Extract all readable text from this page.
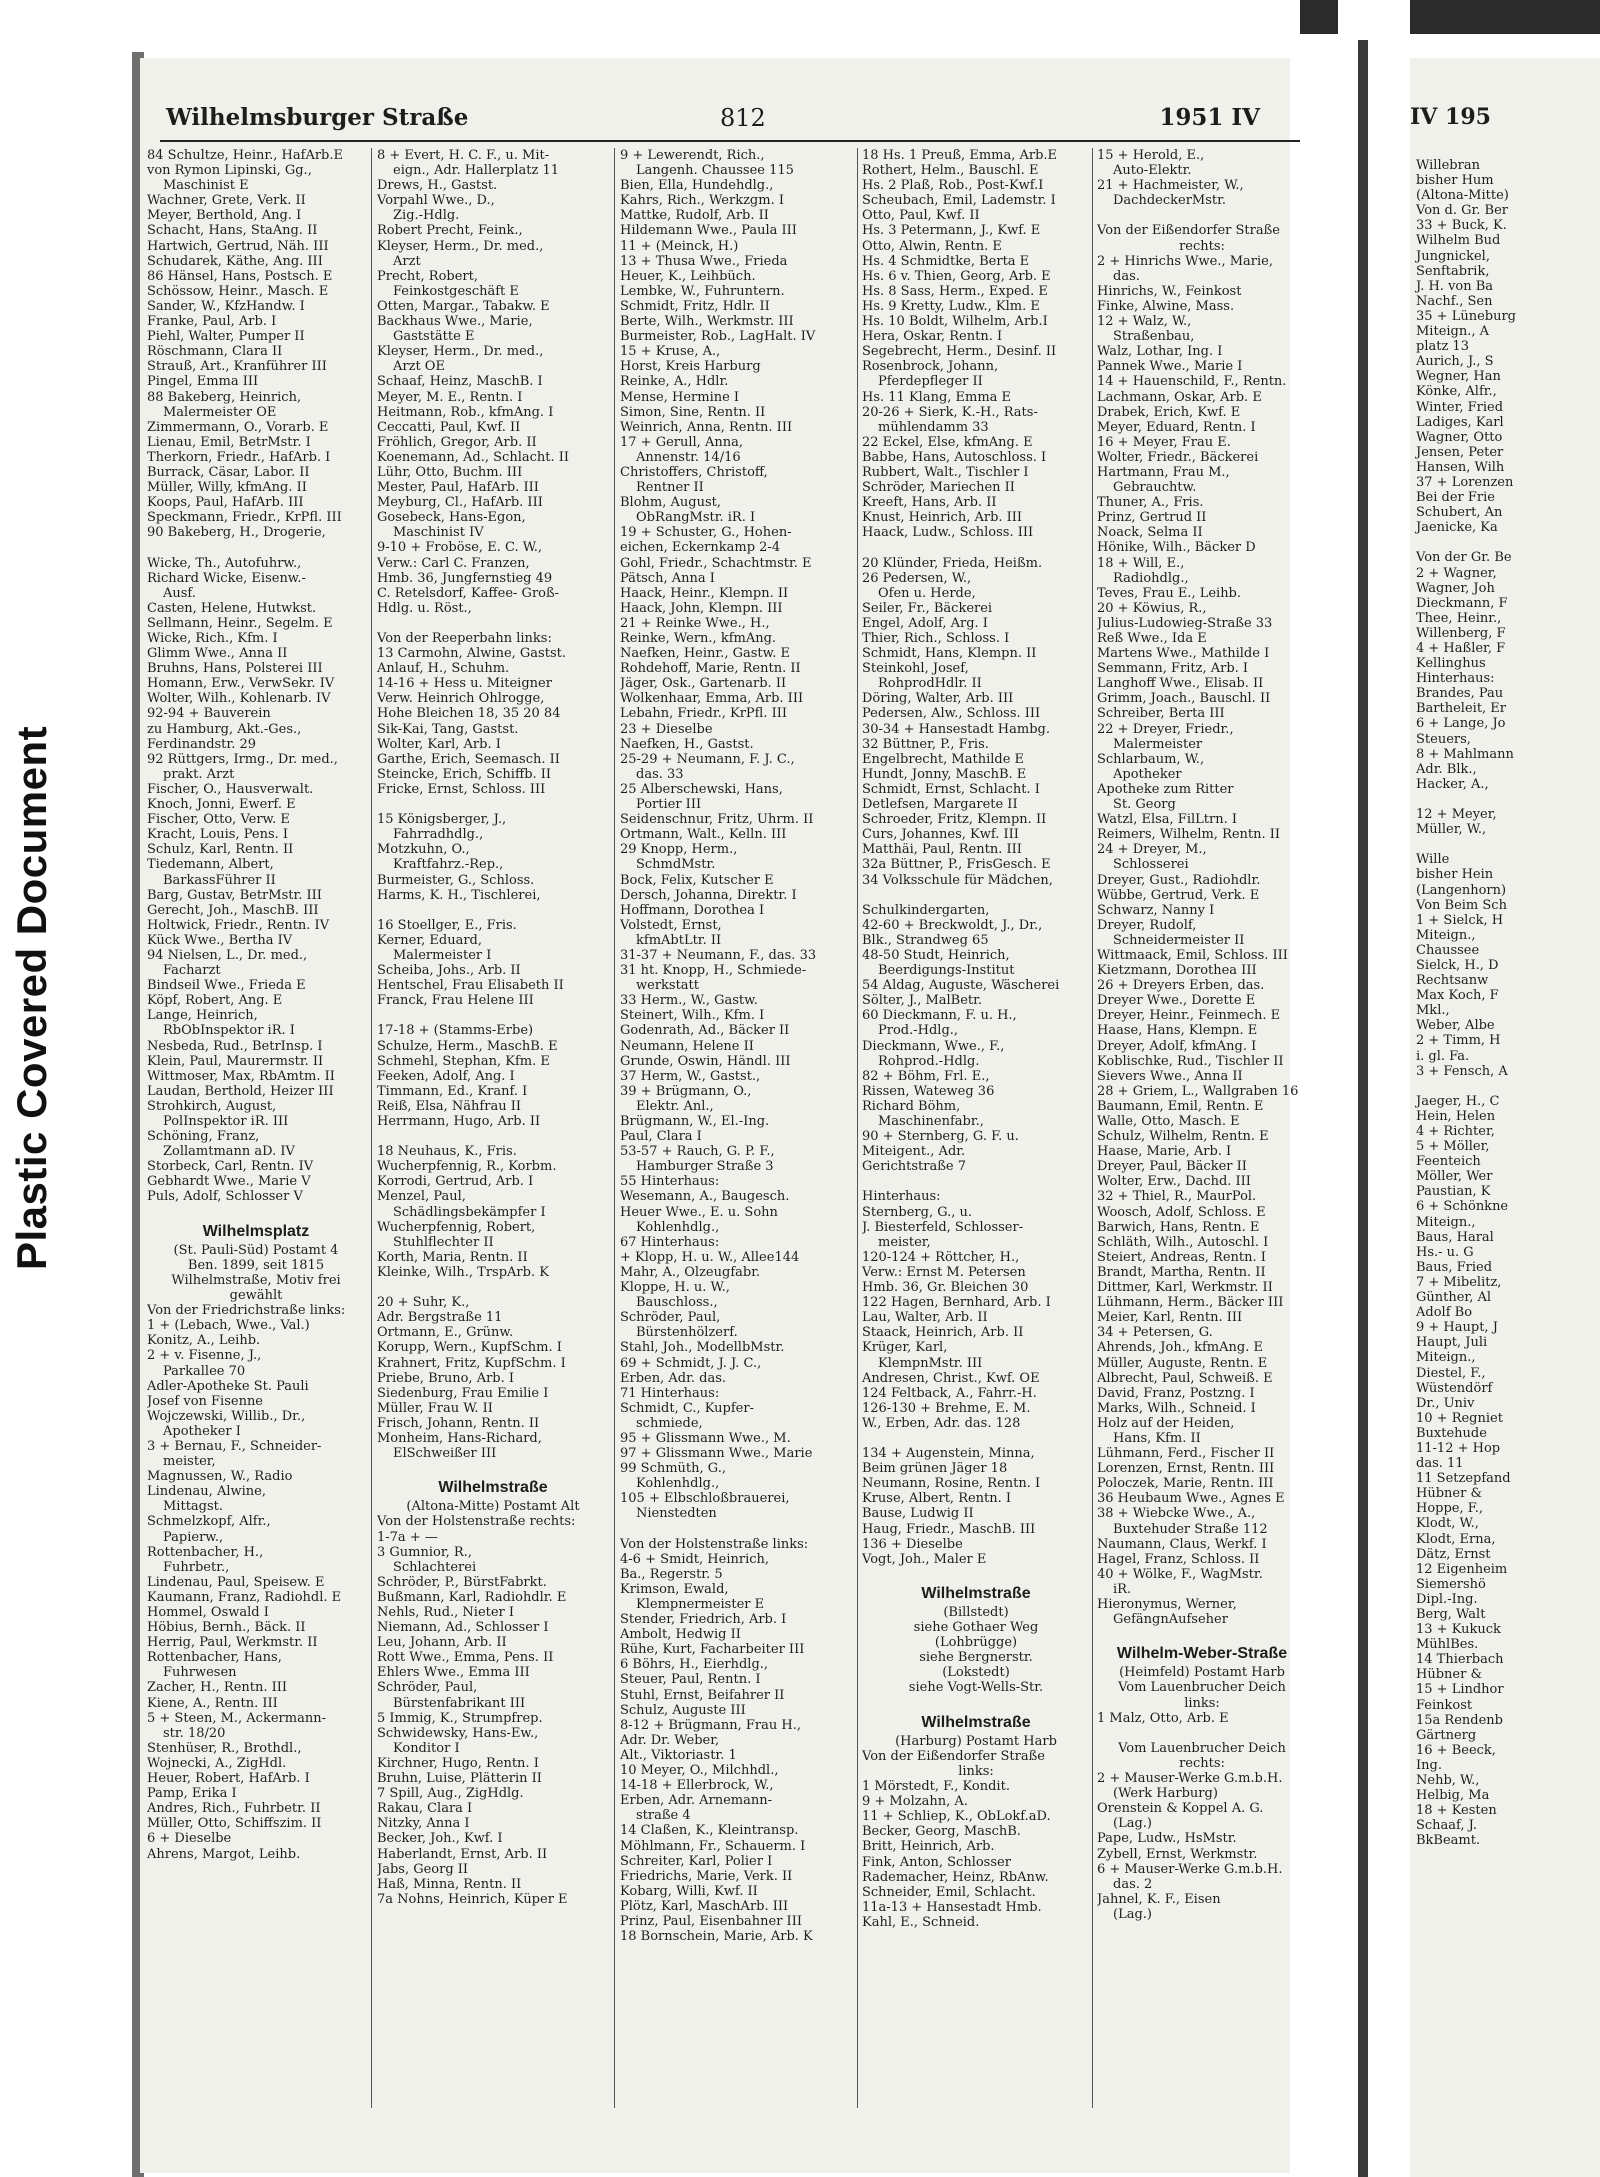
Plastic Covered Document
IV 195
Willebran
bisher Hum
(Altona-Mitte)
Von d. Gr. Ber
33 + Buck, K.
Wilhelm Bud
Jungnickel,
Senftabrik,
J. H. von Ba
Nachf., Sen
35 + Lüneburg
Miteign., A
platz 13
Aurich, J., S
Wegner, Han
Könke, Alfr.,
Winter, Fried
Ladiges, Karl
Wagner, Otto
Jensen, Peter
Hansen, Wilh
37 + Lorenzen
Bei der Frie
Schubert, An
Jaenicke, Ka
Von der Gr. Be
2 + Wagner,
Wagner, Joh
Dieckmann, F
Thee, Heinr.,
Willenberg, F
4 + Haßler, F
Kellinghus
Hinterhaus:
Brandes, Pau
Bartheleit, Er
6 + Lange, Jo
Steuers,
8 + Mahlmann
Adr. Blk.,
Hacker, A.,
12 + Meyer,
Müller, W.,
Wille
bisher Hein
(Langenhorn)
Von Beim Sch
1 + Sielck, H
Miteign.,
Chaussee
Sielck, H., D
Rechtsanw
Max Koch, F
Mkl.,
Weber, Albe
2 + Timm, H
i. gl. Fa.
3 + Fensch, A
Jaeger, H., C
Hein, Helen
4 + Richter,
5 + Möller,
Feenteich
Möller, Wer
Paustian, K
6 + Schönkne
Miteign.,
Baus, Haral
Hs.- u. G
Baus, Fried
7 + Mibelitz,
Günther, Al
Adolf Bo
9 + Haupt, J
Haupt, Juli
Miteign.,
Diestel, F.,
Wüstendörf
Dr., Univ
10 + Regniet
Buxtehude
11-12 + Hop
das. 11
11 Setzepfand
Hübner &
Hoppe, F.,
Klodt, W.,
Klodt, Erna,
Dätz, Ernst
12 Eigenheim
Siemershö
Dipl.-Ing.
Berg, Walt
13 + Kukuck
MühlBes.
14 Thierbach
Hübner &
15 + Lindhor
Feinkost
15a Rendenb
Gärtnerg
16 + Beeck,
Ing.
Nehb, W.,
Helbig, Ma
18 + Kesten
Schaaf, J.
BkBeamt.
Wilhelmsburger Straße	812	1951 IV
84 Schultze, Heinr., HafArb.E
von Rymon Lipinski, Gg.,
Maschinist E
Wachner, Grete, Verk. II
Meyer, Berthold, Ang. I
Schacht, Hans, StaAng. II
Hartwich, Gertrud, Näh. III
Schudarek, Käthe, Ang. III
86 Hänsel, Hans, Postsch. E
Schössow, Heinr., Masch. E
Sander, W., KfzHandw. I
Franke, Paul, Arb. I
Piehl, Walter, Pumper II
Röschmann, Clara II
Strauß, Art., Kranführer III
Pingel, Emma III
88 Bakeberg, Heinrich,
Malermeister OE
Zimmermann, O., Vorarb. E
Lienau, Emil, BetrMstr. I
Therkorn, Friedr., HafArb. I
Burrack, Cäsar, Labor. II
Müller, Willy, kfmAng. II
Koops, Paul, HafArb. III
Speckmann, Friedr., KrPfl. III
90 Bakeberg, H., Drogerie,
Wicke, Th., Autofuhrw.,
Richard Wicke, Eisenw.-
Ausf.
Casten, Helene, Hutwkst.
Sellmann, Heinr., Segelm. E
Wicke, Rich., Kfm. I
Glimm Wwe., Anna II
Bruhns, Hans, Polsterei III
Homann, Erw., VerwSekr. IV
Wolter, Wilh., Kohlenarb. IV
92-94 + Bauverein
zu Hamburg, Akt.-Ges.,
Ferdinandstr. 29
92 Rüttgers, Irmg., Dr. med.,
prakt. Arzt
Fischer, O., Hausverwalt.
Knoch, Jonni, Ewerf. E
Fischer, Otto, Verw. E
Kracht, Louis, Pens. I
Schulz, Karl, Rentn. II
Tiedemann, Albert,
BarkassFührer II
Barg, Gustav, BetrMstr. III
Gerecht, Joh., MaschB. III
Holtwick, Friedr., Rentn. IV
Kück Wwe., Bertha IV
94 Nielsen, L., Dr. med.,
Facharzt
Bindseil Wwe., Frieda E
Köpf, Robert, Ang. E
Lange, Heinrich,
RbObInspektor iR. I
Nesbeda, Rud., BetrInsp. I
Klein, Paul, Maurermstr. II
Wittmoser, Max, RbAmtm. II
Laudan, Berthold, Heizer III
Strohkirch, August,
PolInspektor iR. III
Schöning, Franz,
Zollamtmann aD. IV
Storbeck, Carl, Rentn. IV
Gebhardt Wwe., Marie V
Puls, Adolf, Schlosser V
Wilhelmsplatz
(St. Pauli-Süd) Postamt 4
Ben. 1899, seit 1815
Wilhelmstraße, Motiv frei
gewählt
Von der Friedrichstraße links:
1 + (Lebach, Wwe., Val.)
Konitz, A., Leihb.
2 + v. Fisenne, J.,
Parkallee 70
Adler-Apotheke St. Pauli
Josef von Fisenne
Wojczewski, Willib., Dr.,
Apotheker I
3 + Bernau, F., Schneider-
meister,
Magnussen, W., Radio
Lindenau, Alwine,
Mittagst.
Schmelzkopf, Alfr.,
Papierw.,
Rottenbacher, H.,
Fuhrbetr.,
Lindenau, Paul, Speisew. E
Kaumann, Franz, Radiohdl. E
Hommel, Oswald I
Höbius, Bernh., Bäck. II
Herrig, Paul, Werkmstr. II
Rottenbacher, Hans,
Fuhrwesen
Zacher, H., Rentn. III
Kiene, A., Rentn. III
5 + Steen, M., Ackermann-
str. 18/20
Stenhüser, R., Brothdl.,
Wojnecki, A., ZigHdl.
Heuer, Robert, HafArb. I
Pamp, Erika I
Andres, Rich., Fuhrbetr. II
Müller, Otto, Schiffszim. II
6 + Dieselbe
Ahrens, Margot, Leihb.
8 + Evert, H. C. F., u. Mit-
eign., Adr. Hallerplatz 11
Drews, H., Gastst.
Vorpahl Wwe., D.,
Zig.-Hdlg.
Robert Precht, Feink.,
Kleyser, Herm., Dr. med.,
Arzt
Precht, Robert,
Feinkostgeschäft E
Otten, Margar., Tabakw. E
Backhaus Wwe., Marie,
Gaststätte E
Kleyser, Herm., Dr. med.,
Arzt OE
Schaaf, Heinz, MaschB. I
Meyer, M. E., Rentn. I
Heitmann, Rob., kfmAng. I
Ceccatti, Paul, Kwf. II
Fröhlich, Gregor, Arb. II
Koenemann, Ad., Schlacht. II
Lühr, Otto, Buchm. III
Mester, Paul, HafArb. III
Meyburg, Cl., HafArb. III
Gosebeck, Hans-Egon,
Maschinist IV
9-10 + Froböse, E. C. W.,
Verw.: Carl C. Franzen,
Hmb. 36, Jungfernstieg 49
C. Retelsdorf, Kaffee- Groß-
Hdlg. u. Röst.,
Von der Reeperbahn links:
13 Carmohn, Alwine, Gastst.
Anlauf, H., Schuhm.
14-16 + Hess u. Miteigner
Verw. Heinrich Ohlrogge,
Hohe Bleichen 18, 35 20 84
Sik-Kai, Tang, Gastst.
Wolter, Karl, Arb. I
Garthe, Erich, Seemasch. II
Steincke, Erich, Schiffb. II
Fricke, Ernst, Schloss. III
15 Königsberger, J.,
Fahrradhdlg.,
Motzkuhn, O.,
Kraftfahrz.-Rep.,
Burmeister, G., Schloss.
Harms, K. H., Tischlerei,
16 Stoellger, E., Fris.
Kerner, Eduard,
Malermeister I
Scheiba, Johs., Arb. II
Hentschel, Frau Elisabeth II
Franck, Frau Helene III
17-18 + (Stamms-Erbe)
Schulze, Herm., MaschB. E
Schmehl, Stephan, Kfm. E
Feeken, Adolf, Ang. I
Timmann, Ed., Kranf. I
Reiß, Elsa, Nähfrau II
Herrmann, Hugo, Arb. II
18 Neuhaus, K., Fris.
Wucherpfennig, R., Korbm.
Korrodi, Gertrud, Arb. I
Menzel, Paul,
Schädlingsbekämpfer I
Wucherpfennig, Robert,
Stuhlflechter II
Korth, Maria, Rentn. II
Kleinke, Wilh., TrspArb. K
20 + Suhr, K.,
Adr. Bergstraße 11
Ortmann, E., Grünw.
Korupp, Wern., KupfSchm. I
Krahnert, Fritz, KupfSchm. I
Priebe, Bruno, Arb. I
Siedenburg, Frau Emilie I
Müller, Frau W. II
Frisch, Johann, Rentn. II
Monheim, Hans-Richard,
ElSchweißer III
Wilhelmstraße
(Altona-Mitte) Postamt Alt
Von der Holstenstraße rechts:
1-7a + —
3 Gumnior, R.,
Schlachterei
Schröder, P., BürstFabrkt.
Bußmann, Karl, Radiohdlr. E
Nehls, Rud., Nieter I
Niemann, Ad., Schlosser I
Leu, Johann, Arb. II
Rott Wwe., Emma, Pens. II
Ehlers Wwe., Emma III
Schröder, Paul,
Bürstenfabrikant III
5 Immig, K., Strumpfrep.
Schwidewsky, Hans-Ew.,
Konditor I
Kirchner, Hugo, Rentn. I
Bruhn, Luise, Plätterin II
7 Spill, Aug., ZigHdlg.
Rakau, Clara I
Nitzky, Anna I
Becker, Joh., Kwf. I
Haberlandt, Ernst, Arb. II
Jabs, Georg II
Haß, Minna, Rentn. II
7a Nohns, Heinrich, Küper E
9 + Lewerendt, Rich.,
Langenh. Chaussee 115
Bien, Ella, Hundehdlg.,
Kahrs, Rich., Werkzgm. I
Mattke, Rudolf, Arb. II
Hildemann Wwe., Paula III
11 + (Meinck, H.)
13 + Thusa Wwe., Frieda
Heuer, K., Leihbüch.
Lembke, W., Fuhruntern.
Schmidt, Fritz, Hdlr. II
Berte, Wilh., Werkmstr. III
Burmeister, Rob., LagHalt. IV
15 + Kruse, A.,
Horst, Kreis Harburg
Reinke, A., Hdlr.
Mense, Hermine I
Simon, Sine, Rentn. II
Weinrich, Anna, Rentn. III
17 + Gerull, Anna,
Annenstr. 14/16
Christoffers, Christoff,
Rentner II
Blohm, August,
ObRangMstr. iR. I
19 + Schuster, G., Hohen-
eichen, Eckernkamp 2-4
Gohl, Friedr., Schachtmstr. E
Pätsch, Anna I
Haack, Heinr., Klempn. II
Haack, John, Klempn. III
21 + Reinke Wwe., H.,
Reinke, Wern., kfmAng.
Naefken, Heinr., Gastw. E
Rohdehoff, Marie, Rentn. II
Jäger, Osk., Gartenarb. II
Wolkenhaar, Emma, Arb. III
Lebahn, Friedr., KrPfl. III
23 + Dieselbe
Naefken, H., Gastst.
25-29 + Neumann, F. J. C.,
das. 33
25 Alberschewski, Hans,
Portier III
Seidenschnur, Fritz, Uhrm. II
Ortmann, Walt., Kelln. III
29 Knopp, Herm.,
SchmdMstr.
Bock, Felix, Kutscher E
Dersch, Johanna, Direktr. I
Hoffmann, Dorothea I
Volstedt, Ernst,
kfmAbtLtr. II
31-37 + Neumann, F., das. 33
31 ht. Knopp, H., Schmiede-
werkstatt
33 Herm., W., Gastw.
Steinert, Wilh., Kfm. I
Godenrath, Ad., Bäcker II
Neumann, Helene II
Grunde, Oswin, Händl. III
37 Herm, W., Gastst.,
39 + Brügmann, O.,
Elektr. Anl.,
Brügmann, W., El.-Ing.
Paul, Clara I
53-57 + Rauch, G. P. F.,
Hamburger Straße 3
55 Hinterhaus:
Wesemann, A., Baugesch.
Heuer Wwe., E. u. Sohn
Kohlenhdlg.,
67 Hinterhaus:
+ Klopp, H. u. W., Allee144
Mahr, A., Olzeugfabr.
Kloppe, H. u. W.,
Bauschloss.,
Schröder, Paul,
Bürstenhölzerf.
Stahl, Joh., ModellbMstr.
69 + Schmidt, J. J. C.,
Erben, Adr. das.
71 Hinterhaus:
Schmidt, C., Kupfer-
schmiede,
95 + Glissmann Wwe., M.
97 + Glissmann Wwe., Marie
99 Schmüth, G.,
Kohlenhdlg.,
105 + Elbschloßbrauerei,
Nienstedten
Von der Holstenstraße links:
4-6 + Smidt, Heinrich,
Ba., Regerstr. 5
Krimson, Ewald,
Klempnermeister E
Stender, Friedrich, Arb. I
Ambolt, Hedwig II
Rühe, Kurt, Facharbeiter III
6 Böhrs, H., Eierhdlg.,
Steuer, Paul, Rentn. I
Stuhl, Ernst, Beifahrer II
Schulz, Auguste III
8-12 + Brügmann, Frau H.,
Adr. Dr. Weber,
Alt., Viktoriastr. 1
10 Meyer, O., Milchhdl.,
14-18 + Ellerbrock, W.,
Erben, Adr. Arnemann-
straße 4
14 Claßen, K., Kleintransp.
Möhlmann, Fr., Schauerm. I
Schreiter, Karl, Polier I
Friedrichs, Marie, Verk. II
Kobarg, Willi, Kwf. II
Plötz, Karl, MaschArb. III
Prinz, Paul, Eisenbahner III
18 Bornschein, Marie, Arb. K
18 Hs. 1 Preuß, Emma, Arb.E
Rothert, Helm., Bauschl. E
Hs. 2 Plaß, Rob., Post-Kwf.I
Scheubach, Emil, Lademstr. I
Otto, Paul, Kwf. II
Hs. 3 Petermann, J., Kwf. E
Otto, Alwin, Rentn. E
Hs. 4 Schmidtke, Berta E
Hs. 6 v. Thien, Georg, Arb. E
Hs. 8 Sass, Herm., Exped. E
Hs. 9 Kretty, Ludw., Klm. E
Hs. 10 Boldt, Wilhelm, Arb.I
Hera, Oskar, Rentn. I
Segebrecht, Herm., Desinf. II
Rosenbrock, Johann,
Pferdepfleger II
Hs. 11 Klang, Emma E
20-26 + Sierk, K.-H., Rats-
mühlendamm 33
22 Eckel, Else, kfmAng. E
Babbe, Hans, Autoschloss. I
Rubbert, Walt., Tischler I
Schröder, Mariechen II
Kreeft, Hans, Arb. II
Knust, Heinrich, Arb. III
Haack, Ludw., Schloss. III
20 Klünder, Frieda, Heißm.
26 Pedersen, W.,
Ofen u. Herde,
Seiler, Fr., Bäckerei
Engel, Adolf, Arg. I
Thier, Rich., Schloss. I
Schmidt, Hans, Klempn. II
Steinkohl, Josef,
RohprodHdlr. II
Döring, Walter, Arb. III
Pedersen, Alw., Schloss. III
30-34 + Hansestadt Hambg.
32 Büttner, P., Fris.
Engelbrecht, Mathilde E
Hundt, Jonny, MaschB. E
Schmidt, Ernst, Schlacht. I
Detlefsen, Margarete II
Schroeder, Fritz, Klempn. II
Curs, Johannes, Kwf. III
Matthäi, Paul, Rentn. III
32a Büttner, P., FrisGesch. E
34 Volksschule für Mädchen,
Schulkindergarten,
42-60 + Breckwoldt, J., Dr.,
Blk., Strandweg 65
48-50 Studt, Heinrich,
Beerdigungs-Institut
54 Aldag, Auguste, Wäscherei
Sölter, J., MalBetr.
60 Dieckmann, F. u. H.,
Prod.-Hdlg.,
Dieckmann, Wwe., F.,
Rohprod.-Hdlg.
82 + Böhm, Frl. E.,
Rissen, Wateweg 36
Richard Böhm,
Maschinenfabr.,
90 + Sternberg, G. F. u.
Miteigent., Adr.
Gerichtstraße 7
Hinterhaus:
Sternberg, G., u.
J. Biesterfeld, Schlosser-
meister,
120-124 + Röttcher, H.,
Verw.: Ernst M. Petersen
Hmb. 36, Gr. Bleichen 30
122 Hagen, Bernhard, Arb. I
Lau, Walter, Arb. II
Staack, Heinrich, Arb. II
Krüger, Karl,
KlempnMstr. III
Andresen, Christ., Kwf. OE
124 Feltback, A., Fahrr.-H.
126-130 + Brehme, E. M.
W., Erben, Adr. das. 128
134 + Augenstein, Minna,
Beim grünen Jäger 18
Neumann, Rosine, Rentn. I
Kruse, Albert, Rentn. I
Bause, Ludwig II
Haug, Friedr., MaschB. III
136 + Dieselbe
Vogt, Joh., Maler E
Wilhelmstraße
(Billstedt)
siehe Gothaer Weg
(Lohbrügge)
siehe Bergnerstr.
(Lokstedt)
siehe Vogt-Wells-Str.
Wilhelmstraße
(Harburg) Postamt Harb
Von der Eißendorfer Straße
links:
1 Mörstedt, F., Kondit.
9 + Molzahn, A.
11 + Schliep, K., ObLokf.aD.
Becker, Georg, MaschB.
Britt, Heinrich, Arb.
Fink, Anton, Schlosser
Rademacher, Heinz, RbAnw.
Schneider, Emil, Schlacht.
11a-13 + Hansestadt Hmb.
Kahl, E., Schneid.
15 + Herold, E.,
Auto-Elektr.
21 + Hachmeister, W.,
DachdeckerMstr.
Von der Eißendorfer Straße
rechts:
2 + Hinrichs Wwe., Marie,
das.
Hinrichs, W., Feinkost
Finke, Alwine, Mass.
12 + Walz, W.,
Straßenbau,
Walz, Lothar, Ing. I
Pannek Wwe., Marie I
14 + Hauenschild, F., Rentn.
Lachmann, Oskar, Arb. E
Drabek, Erich, Kwf. E
Meyer, Eduard, Rentn. I
16 + Meyer, Frau E.
Wolter, Friedr., Bäckerei
Hartmann, Frau M.,
Gebrauchtw.
Thuner, A., Fris.
Prinz, Gertrud II
Noack, Selma II
Hönike, Wilh., Bäcker D
18 + Will, E.,
Radiohdlg.,
Teves, Frau E., Leihb.
20 + Köwius, R.,
Julius-Ludowieg-Straße 33
Reß Wwe., Ida E
Martens Wwe., Mathilde I
Semmann, Fritz, Arb. I
Langhoff Wwe., Elisab. II
Grimm, Joach., Bauschl. II
Schreiber, Berta III
22 + Dreyer, Friedr.,
Malermeister
Schlarbaum, W.,
Apotheker
Apotheke zum Ritter
St. Georg
Watzl, Elsa, FilLtrn. I
Reimers, Wilhelm, Rentn. II
24 + Dreyer, M.,
Schlosserei
Dreyer, Gust., Radiohdlr.
Wübbe, Gertrud, Verk. E
Schwarz, Nanny I
Dreyer, Rudolf,
Schneidermeister II
Wittmaack, Emil, Schloss. III
Kietzmann, Dorothea III
26 + Dreyers Erben, das.
Dreyer Wwe., Dorette E
Dreyer, Heinr., Feinmech. E
Haase, Hans, Klempn. E
Dreyer, Adolf, kfmAng. I
Koblischke, Rud., Tischler II
Sievers Wwe., Anna II
28 + Griem, L., Wallgraben 16
Baumann, Emil, Rentn. E
Walle, Otto, Masch. E
Schulz, Wilhelm, Rentn. E
Haase, Marie, Arb. I
Dreyer, Paul, Bäcker II
Wolter, Erw., Dachd. III
32 + Thiel, R., MaurPol.
Woosch, Adolf, Schloss. E
Barwich, Hans, Rentn. E
Schläth, Wilh., Autoschl. I
Steiert, Andreas, Rentn. I
Brandt, Martha, Rentn. II
Dittmer, Karl, Werkmstr. II
Lühmann, Herm., Bäcker III
Meier, Karl, Rentn. III
34 + Petersen, G.
Ahrends, Joh., kfmAng. E
Müller, Auguste, Rentn. E
Albrecht, Paul, Schweiß. E
David, Franz, Postzng. I
Marks, Wilh., Schneid. I
Holz auf der Heiden,
Hans, Kfm. II
Lühmann, Ferd., Fischer II
Lorenzen, Ernst, Rentn. III
Poloczek, Marie, Rentn. III
36 Heubaum Wwe., Agnes E
38 + Wiebcke Wwe., A.,
Buxtehuder Straße 112
Naumann, Claus, Werkf. I
Hagel, Franz, Schloss. II
40 + Wölke, F., WagMstr.
iR.
Hieronymus, Werner,
GefängnAufseher
Wilhelm-Weber-Straße
(Heimfeld) Postamt Harb
Vom Lauenbrucher Deich
links:
1 Malz, Otto, Arb. E
Vom Lauenbrucher Deich
rechts:
2 + Mauser-Werke G.m.b.H.
(Werk Harburg)
Orenstein & Koppel A. G.
(Lag.)
Pape, Ludw., HsMstr.
Zybell, Ernst, Werkmstr.
6 + Mauser-Werke G.m.b.H.
das. 2
Jahnel, K. F., Eisen
(Lag.)
